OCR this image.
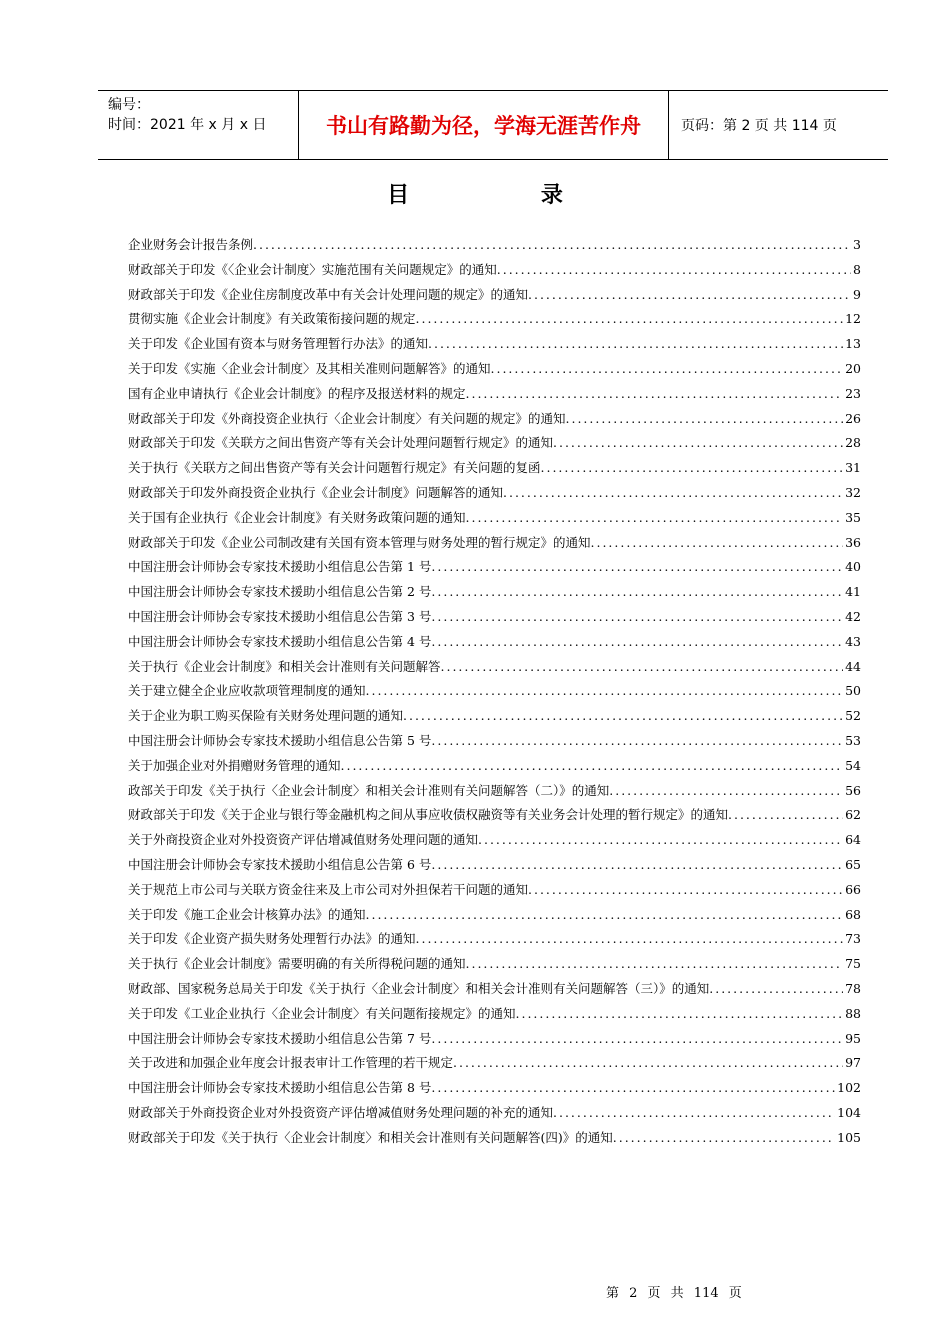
编号：
时间：2021 年 x 月 x 日	书山有路勤为径，学海无涯苦作舟	页码：第 2 页 共 114 页
目 录
企业财务会计报告条例 .....	3
财政部关于印发《〈企业会计制度〉实施范围有关问题规定》的通知 .....	8
财政部关于印发《企业住房制度改革中有关会计处理问题的规定》的通知 .....	9
贯彻实施《企业会计制度》有关政策衔接问题的规定 .....	12
关于印发《企业国有资本与财务管理暂行办法》的通知 .....	13
关于印发《实施〈企业会计制度〉及其相关准则问题解答》的通知 .....	20
国有企业申请执行《企业会计制度》的程序及报送材料的规定 .....	23
财政部关于印发《外商投资企业执行〈企业会计制度〉有关问题的规定》的通知 .....	26
财政部关于印发《关联方之间出售资产等有关会计处理问题暂行规定》的通知 .....	28
关于执行《关联方之间出售资产等有关会计问题暂行规定》有关问题的复函 .....	31
财政部关于印发外商投资企业执行《企业会计制度》问题解答的通知 .....	32
关于国有企业执行《企业会计制度》有关财务政策问题的通知 .....	35
财政部关于印发《企业公司制改建有关国有资本管理与财务处理的暂行规定》的通知 .....	36
中国注册会计师协会专家技术援助小组信息公告第 1 号 .....	40
中国注册会计师协会专家技术援助小组信息公告第 2 号 .....	41
中国注册会计师协会专家技术援助小组信息公告第 3 号 .....	42
中国注册会计师协会专家技术援助小组信息公告第 4 号 .....	43
关于执行《企业会计制度》和相关会计准则有关问题解答 .....	44
关于建立健全企业应收款项管理制度的通知 .....	50
关于企业为职工购买保险有关财务处理问题的通知 .....	52
中国注册会计师协会专家技术援助小组信息公告第 5 号 .....	53
关于加强企业对外捐赠财务管理的通知 .....	54
政部关于印发《关于执行〈企业会计制度〉和相关会计准则有关问题解答（二）》的通知 .....	56
财政部关于印发《关于企业与银行等金融机构之间从事应收债权融资等有关业务会计处理的暂行规定》的通知 .....	62
关于外商投资企业对外投资资产评估增减值财务处理问题的通知 .....	64
中国注册会计师协会专家技术援助小组信息公告第 6 号 .....	65
关于规范上市公司与关联方资金往来及上市公司对外担保若干问题的通知 .....	66
关于印发《施工企业会计核算办法》的通知 .....	68
关于印发《企业资产损失财务处理暂行办法》的通知 .....	73
关于执行《企业会计制度》需要明确的有关所得税问题的通知 .....	75
财政部、国家税务总局关于印发《关于执行〈企业会计制度〉和相关会计准则有关问题解答（三）》的通知 .....	78
关于印发《工业企业执行〈企业会计制度〉有关问题衔接规定》的通知 .....	88
中国注册会计师协会专家技术援助小组信息公告第 7 号 .....	95
关于改进和加强企业年度会计报表审计工作管理的若干规定 .....	97
中国注册会计师协会专家技术援助小组信息公告第 8 号 .....	102
财政部关于外商投资企业对外投资资产评估增减值财务处理问题的补充的通知 .....	104
财政部关于印发《关于执行〈企业会计制度〉和相关会计准则有关问题解答(四)》的通知 .....	105
第 2 页 共 114 页
